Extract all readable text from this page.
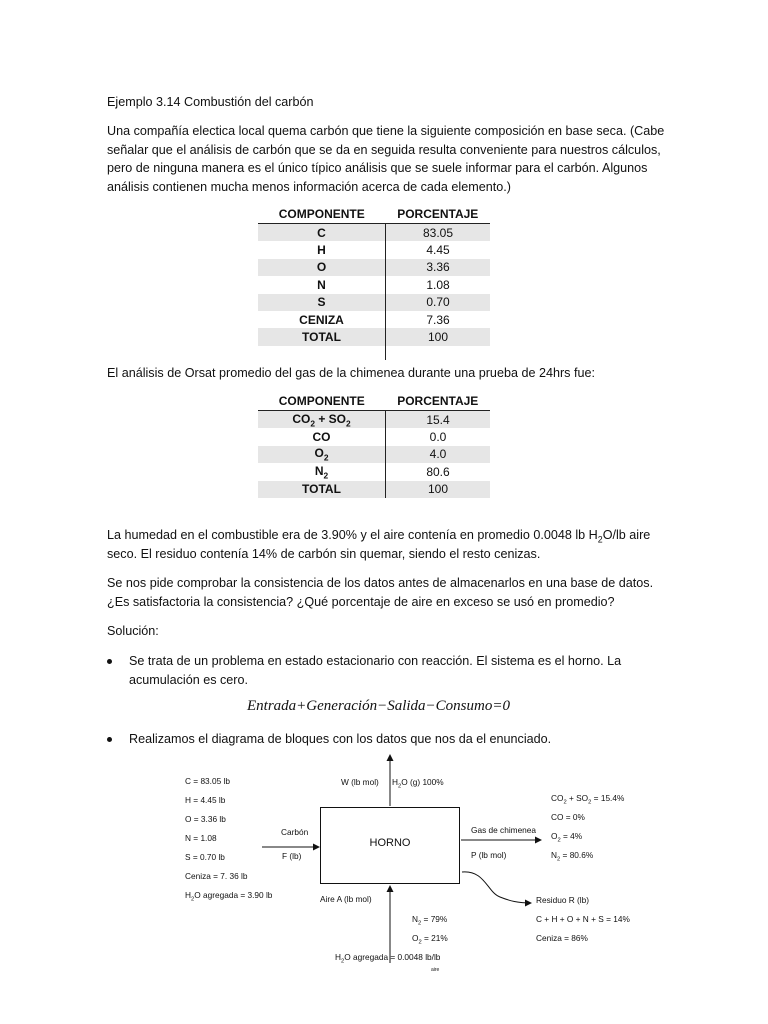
Ejemplo 3.14 Combustión del carbón
Una compañía electica local quema carbón que tiene la siguiente composición en base seca. (Cabe señalar que el análisis de carbón que se da en seguida resulta conveniente para nuestros cálculos, pero de ninguna manera es el único típico análisis que se suele informar para el carbón. Algunos análisis contienen mucha menos información acerca de cada elemento.)
COMPONENTE	PORCENTAJE
C	83.05
H	4.45
O	3.36
N	1.08
S	0.70
CENIZA	7.36
TOTAL	100

El análisis de Orsat promedio del gas de la chimenea durante una prueba de 24hrs fue:
COMPONENTE	PORCENTAJE
$CO_2 + SO_2$	15.4
CO	0.0
$O_2$	4.0
$N_2$	80.6
TOTAL	100
La humedad en el combustible era de 3.90% y el aire contenía en promedio 0.0048 lb $H_2O/lb$ aire
seco. El residuo contenía 14% de carbón sin quemar, siendo el resto cenizas.
Se nos pide comprobar la consistencia de los datos antes de almacenarlos en una base de datos.
¿Es satisfactoria la consistencia? ¿Qué porcentaje de aire en exceso se usó en promedio?
Solución:
Se trata de un problema en estado estacionario con reacción. El sistema es el horno. La
acumulación es cero.
Entrada+Generación−Salida−Consumo=0
Realizamos el diagrama de bloques con los datos que nos da el enunciado.
HORNO
C = 83.05 lb
H = 4.45 lb
O = 3.36 lb
N = 1.08
S = 0.70 lb
Ceniza = 7. 36 lb
$H_2O$ agregada = 3.90 lb
Carbón
F (lb)
W (lb mol) $H_2O$ (g) 100%
Gas de chimenea
P (lb mol)
$CO_2 + SO_2 = 15.4\%$
CO = 0%
$O_2 = 4\%$
$N_2 = 80.6\%$
Aire A (lb mol)
$N_2 = 79\%$
$O_2 = 21\%$
$H_2O$ agregada = 0.0048 lb/lb
aire
Residuo R (lb)
C + H + O + N + S = 14%
Ceniza = 86%
